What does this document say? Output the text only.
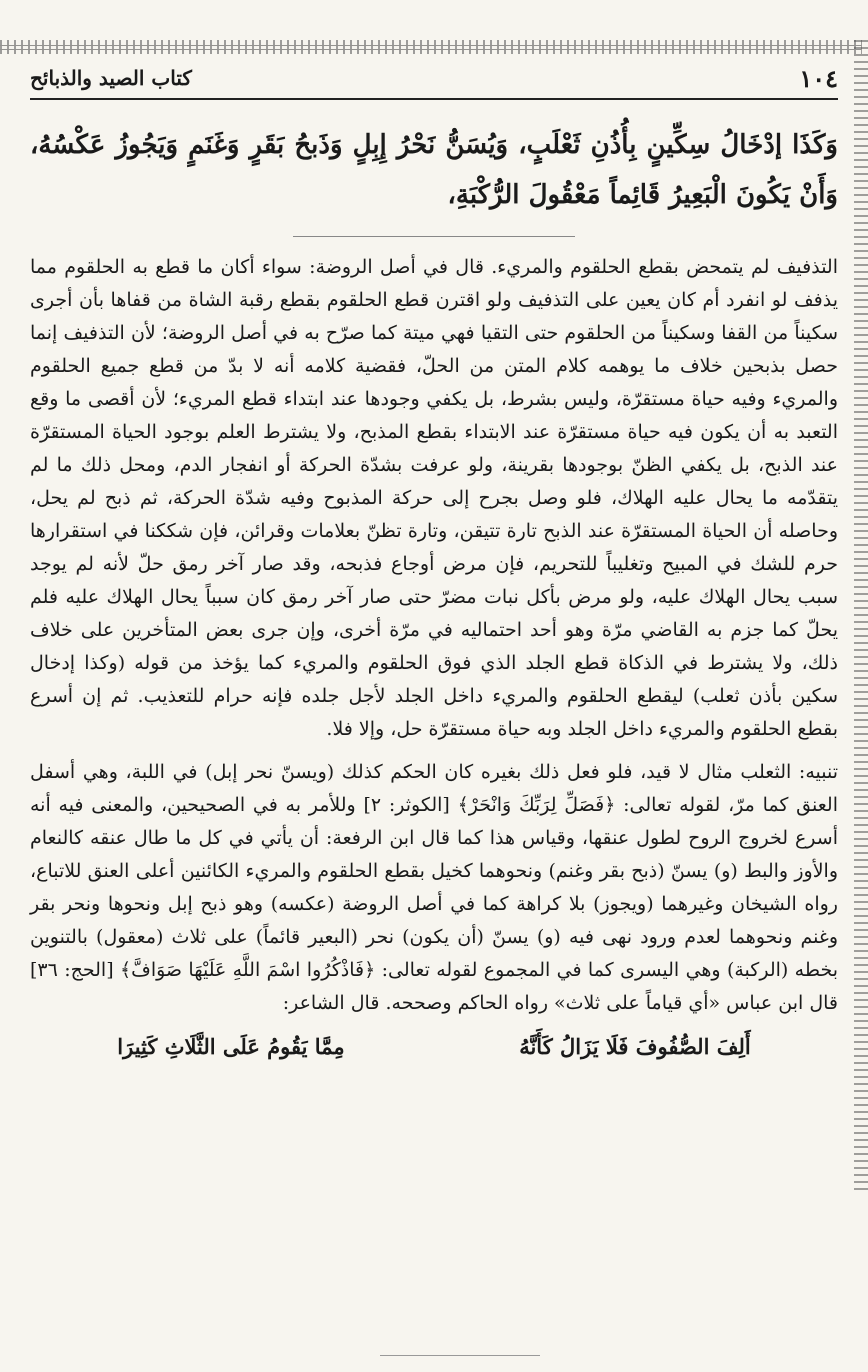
١٠٤
كتاب الصيد والذبائح
وَكَذَا إدْخَالُ سِكِّينٍ بِأُذُنِ ثَعْلَبٍ، وَيُسَنُّ نَحْرُ إِبِلٍ وَذَبحُ بَقَرٍ وَغَنَمٍ وَيَجُوزُ عَكْسُهُ، وَأَنْ يَكُونَ الْبَعِيرُ قَائِماً مَعْقُولَ الرُّكْبَةِ،

التذفيف لم يتمحض بقطع الحلقوم والمريء. قال في أصل الروضة: سواء أكان ما قطع به الحلقوم مما يذفف لو انفرد أم كان يعين على التذفيف ولو اقترن قطع الحلقوم بقطع رقبة الشاة من قفاها بأن أجرى سكيناً من القفا وسكيناً من الحلقوم حتى التقيا فهي ميتة كما صرّح به في أصل الروضة؛ لأن التذفيف إنما حصل بذبحين خلاف ما يوهمه كلام المتن من الحلّ، فقضية كلامه أنه لا بدّ من قطع جميع الحلقوم والمريء وفيه حياة مستقرّة، وليس بشرط، بل يكفي وجودها عند ابتداء قطع المريء؛ لأن أقصى ما وقع التعبد به أن يكون فيه حياة مستقرّة عند الابتداء بقطع المذبح، ولا يشترط العلم بوجود الحياة المستقرّة عند الذبح، بل يكفي الظنّ بوجودها بقرينة، ولو عرفت بشدّة الحركة أو انفجار الدم، ومحل ذلك ما لم يتقدّمه ما يحال عليه الهلاك، فلو وصل بجرح إلى حركة المذبوح وفيه شدّة الحركة، ثم ذبح لم يحل، وحاصله أن الحياة المستقرّة عند الذبح تارة تتيقن، وتارة تظنّ بعلامات وقرائن، فإن شككنا في استقرارها حرم للشك في المبيح وتغليباً للتحريم، فإن مرض أوجاع فذبحه، وقد صار آخر رمق حلّ لأنه لم يوجد سبب يحال الهلاك عليه، ولو مرض بأكل نبات مضرّ حتى صار آخر رمق كان سبباً يحال الهلاك عليه فلم يحلّ كما جزم به القاضي مرّة وهو أحد احتماليه في مرّة أخرى، وإن جرى بعض المتأخرين على خلاف ذلك، ولا يشترط في الذكاة قطع الجلد الذي فوق الحلقوم والمريء كما يؤخذ من قوله (وكذا إدخال سكين بأذن ثعلب) ليقطع الحلقوم والمريء داخل الجلد لأجل جلده فإنه حرام للتعذيب. ثم إن أسرع بقطع الحلقوم والمريء داخل الجلد وبه حياة مستقرّة حل، وإلا فلا.

تنبيه: الثعلب مثال لا قيد، فلو فعل ذلك بغيره كان الحكم كذلك (ويسنّ نحر إبل) في اللبة، وهي أسفل العنق كما مرّ، لقوله تعالى: ﴿فَصَلِّ لِرَبِّكَ وَانْحَرْ﴾ [الكوثر: ٢] وللأمر به في الصحيحين، والمعنى فيه أنه أسرع لخروج الروح لطول عنقها، وقياس هذا كما قال ابن الرفعة: أن يأتي في كل ما طال عنقه كالنعام والأوز والبط (و) يسنّ (ذبح بقر وغنم) ونحوهما كخيل بقطع الحلقوم والمريء الكائنين أعلى العنق للاتباع، رواه الشيخان وغيرهما (ويجوز) بلا كراهة كما في أصل الروضة (عكسه) وهو ذبح إبل ونحوها ونحر بقر وغنم ونحوهما لعدم ورود نهى فيه (و) يسنّ (أن يكون) نحر (البعير قائماً) على ثلاث (معقول) بالتنوين بخطه (الركبة) وهي اليسرى كما في المجموع لقوله تعالى: ﴿فَاذْكُرُوا اسْمَ اللَّهِ عَلَيْهَا صَوَافَّ﴾ [الحج: ٣٦] قال ابن عباس «أي قياماً على ثلاث» رواه الحاكم وصححه. قال الشاعر:

أَلِفَ الصُّفُوفَ فَلَا يَزَالُ كَأَنَّهُ
مِمَّا يَقُومُ عَلَى الثَّلَاثِ كَثِيرَا
